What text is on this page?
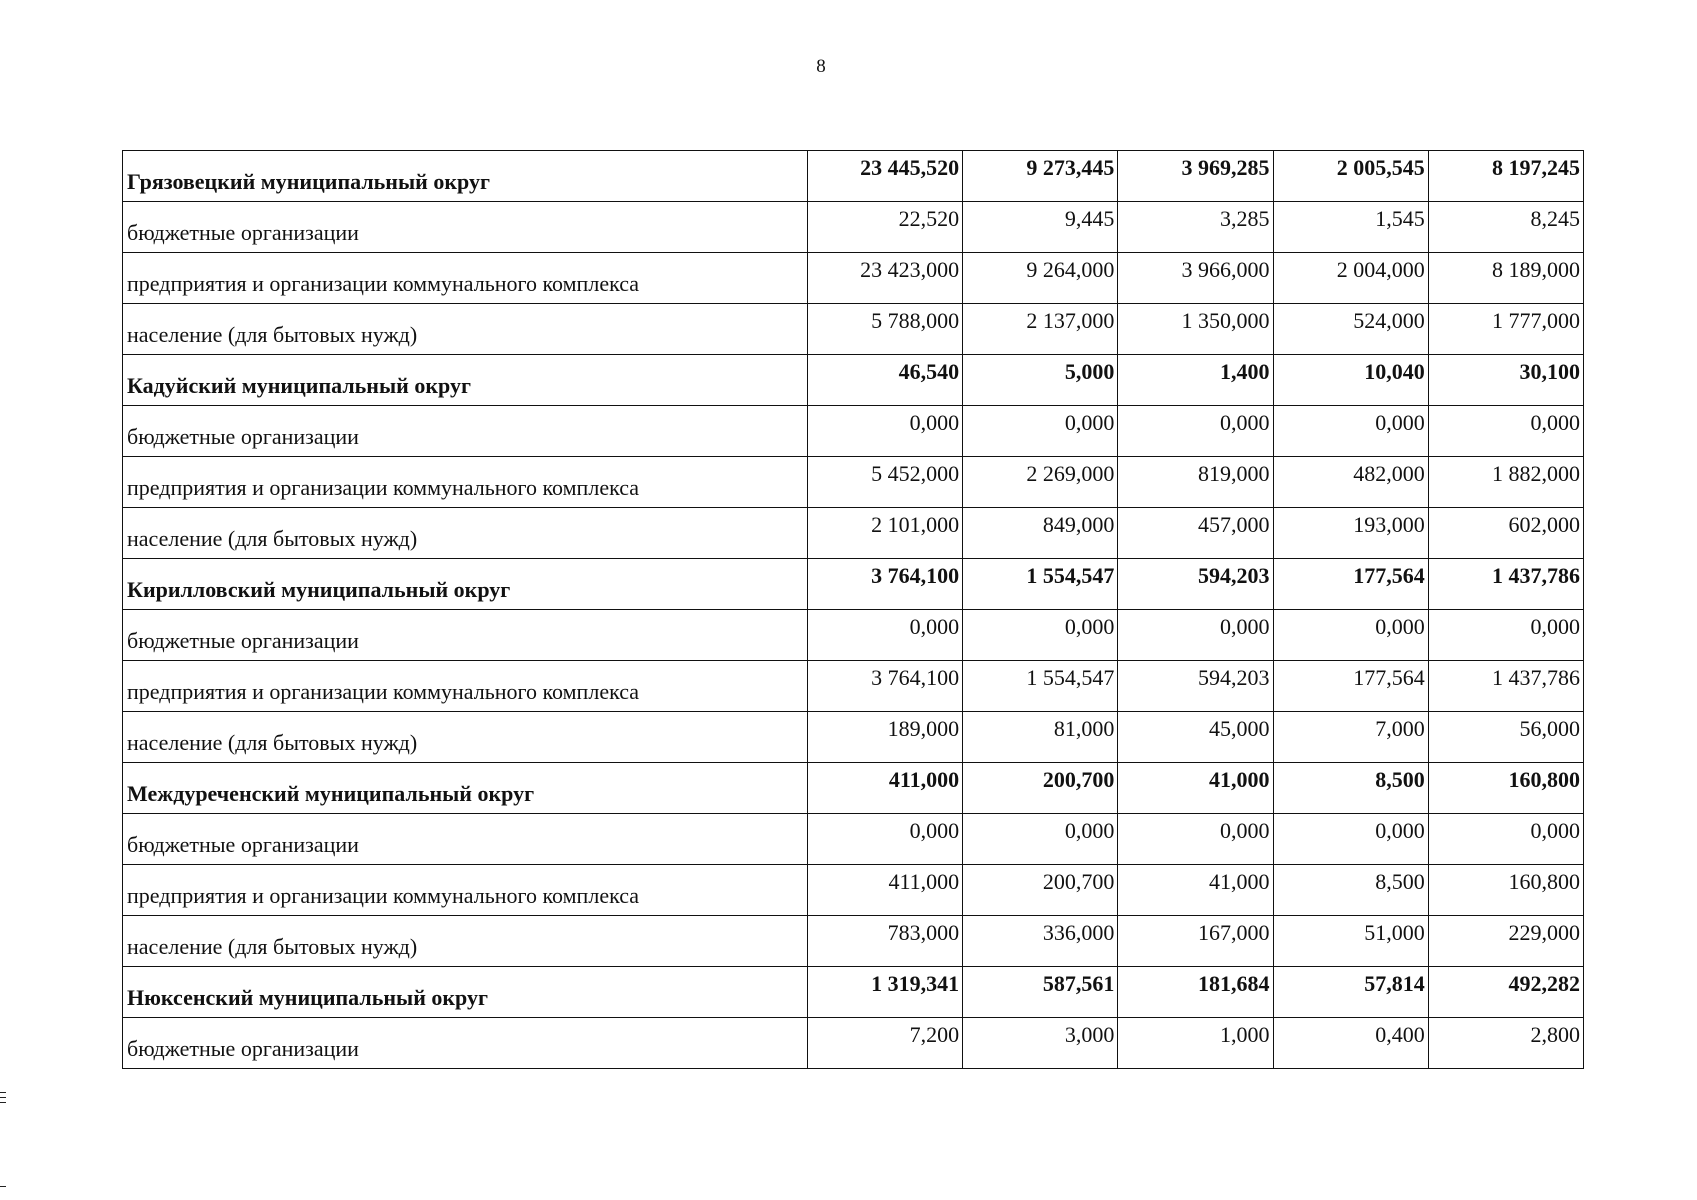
8
Грязовецкий муниципальный округ	23 445,520	9 273,445	3 969,285	2 005,545	8 197,245
бюджетные организации	22,520	9,445	3,285	1,545	8,245
предприятия и организации коммунального комплекса	23 423,000	9 264,000	3 966,000	2 004,000	8 189,000
население (для бытовых нужд)	5 788,000	2 137,000	1 350,000	524,000	1 777,000
Кадуйский муниципальный округ	46,540	5,000	1,400	10,040	30,100
бюджетные организации	0,000	0,000	0,000	0,000	0,000
предприятия и организации коммунального комплекса	5 452,000	2 269,000	819,000	482,000	1 882,000
население (для бытовых нужд)	2 101,000	849,000	457,000	193,000	602,000
Кирилловский муниципальный округ	3 764,100	1 554,547	594,203	177,564	1 437,786
бюджетные организации	0,000	0,000	0,000	0,000	0,000
предприятия и организации коммунального комплекса	3 764,100	1 554,547	594,203	177,564	1 437,786
население (для бытовых нужд)	189,000	81,000	45,000	7,000	56,000
Междуреченский муниципальный округ	411,000	200,700	41,000	8,500	160,800
бюджетные организации	0,000	0,000	0,000	0,000	0,000
предприятия и организации коммунального комплекса	411,000	200,700	41,000	8,500	160,800
население (для бытовых нужд)	783,000	336,000	167,000	51,000	229,000
Нюксенский муниципальный округ	1 319,341	587,561	181,684	57,814	492,282
бюджетные организации	7,200	3,000	1,000	0,400	2,800
